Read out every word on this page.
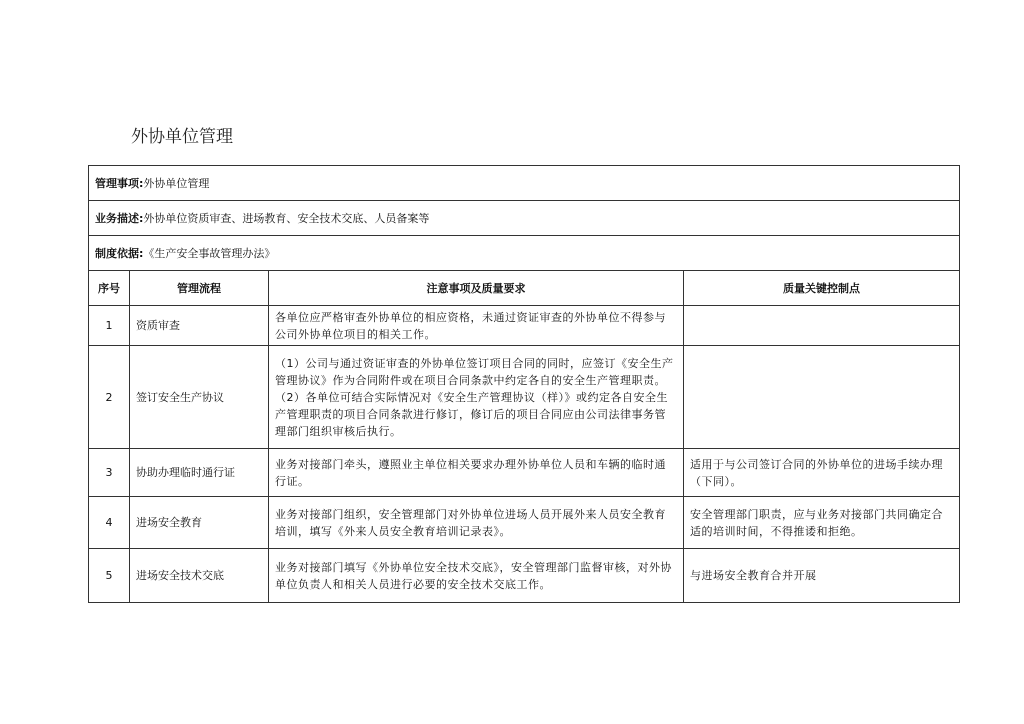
外协单位管理
管理事项:外协单位管理			
业务描述:外协单位资质审查、进场教育、安全技术交底、人员备案等			
制度依据:《生产安全事故管理办法》			
序号	管理流程	注意事项及质量要求	质量关键控制点
1	资质审查	各单位应严格审查外协单位的相应资格，未通过资证审查的外协单位不得参与公司外协单位项目的相关工作。	
2	签订安全生产协议	（1）公司与通过资证审查的外协单位签订项目合同的同时，应签订《安全生产管理协议》作为合同附件或在项目合同条款中约定各自的安全生产管理职责。
（2）各单位可结合实际情况对《安全生产管理协议（样）》或约定各自安全生产管理职责的项目合同条款进行修订，修订后的项目合同应由公司法律事务管理部门组织审核后执行。	

3	协助办理临时通行证	业务对接部门牵头，遵照业主单位相关要求办理外协单位人员和车辆的临时通行证。	适用于与公司签订合同的外协单位的进场手续办理（下同）。
4	进场安全教育	业务对接部门组织，安全管理部门对外协单位进场人员开展外来人员安全教育培训，填写《外来人员安全教育培训记录表》。	安全管理部门职责，应与业务对接部门共同确定合适的培训时间，不得推诿和拒绝。
5	进场安全技术交底	业务对接部门填写《外协单位安全技术交底》，安全管理部门监督审核，对外协单位负责人和相关人员进行必要的安全技术交底工作。	与进场安全教育合并开展
